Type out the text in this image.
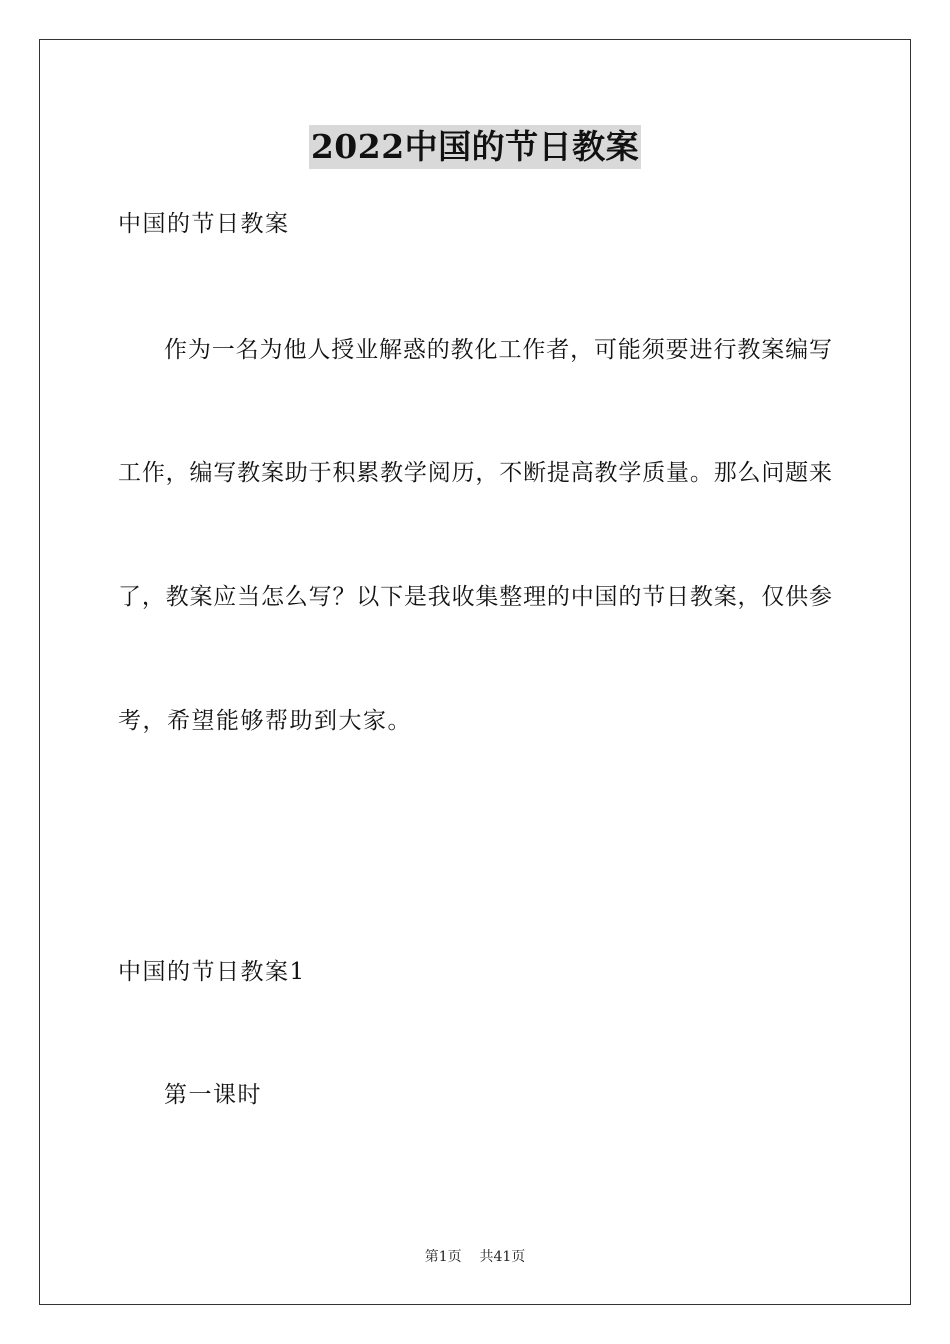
2022中国的节日教案
中国的节日教案
作为一名为他人授业解惑的教化工作者，可能须要进行教案编写
工作，编写教案助于积累教学阅历，不断提高教学质量。那么问题来
了，教案应当怎么写？以下是我收集整理的中国的节日教案，仅供参
考，希望能够帮助到大家。
中国的节日教案1
第一课时
第1页 共41页
